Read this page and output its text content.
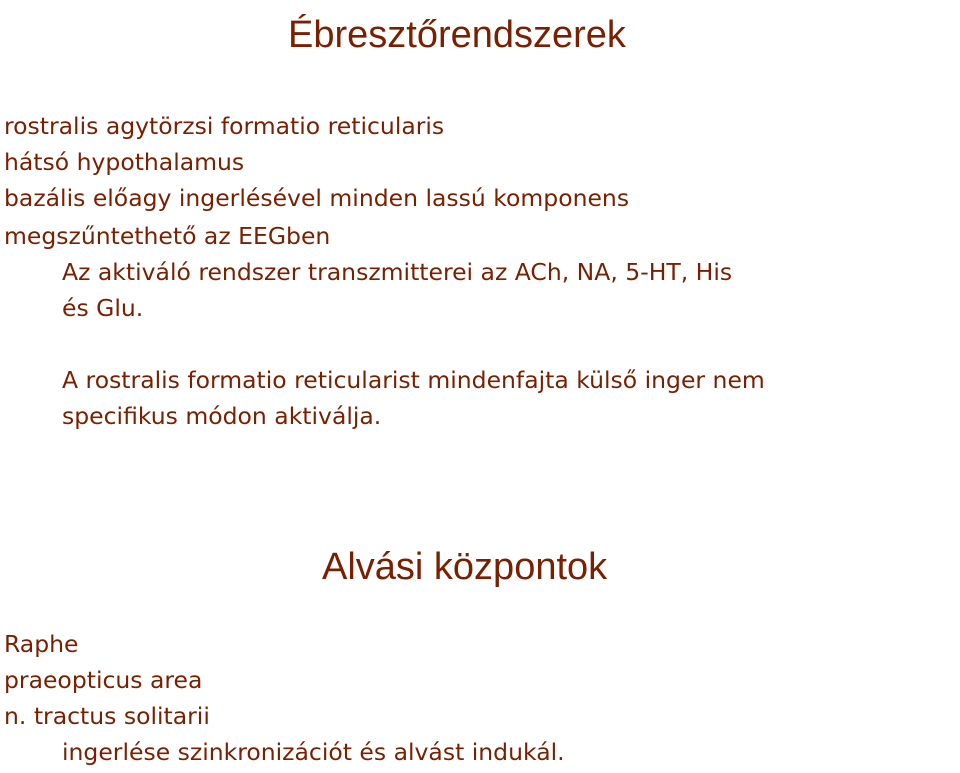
Ébresztőrendszerek
rostralis agytörzsi formatio reticularis
hátsó hypothalamus
bazális előagy ingerlésével minden lassú komponens
megszűntethető az EEGben
Az aktiváló rendszer transzmitterei az ACh, NA, 5-HT, His
és Glu.
A rostralis formatio reticularist mindenfajta külső inger nem
specifikus módon aktiválja.
Alvási központok
Raphe
praeopticus area
n. tractus solitarii
ingerlése szinkronizációt és alvást indukál.
